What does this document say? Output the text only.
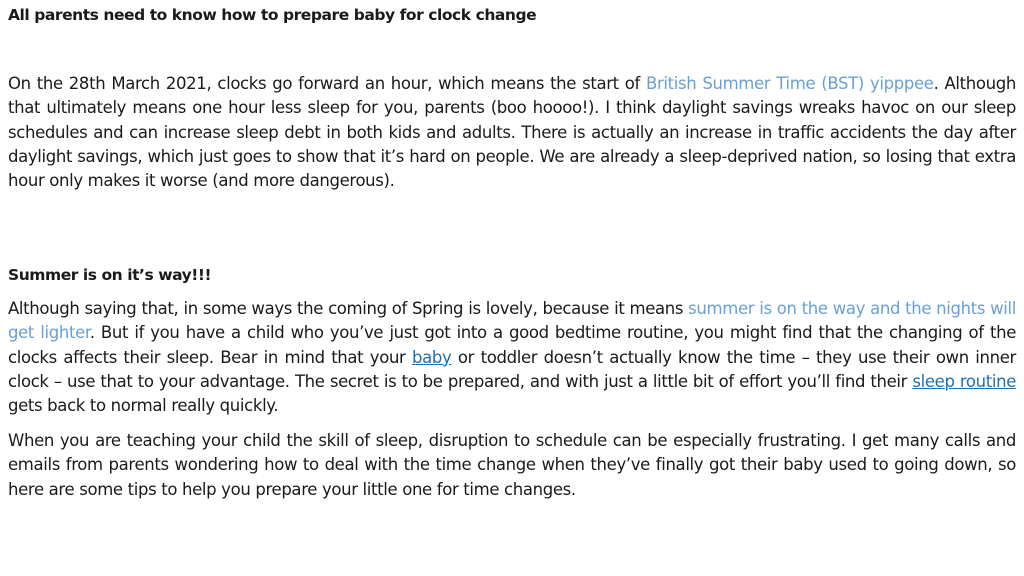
All parents need to know how to prepare baby for clock change

On the 28th March 2021, clocks go forward an hour, which means the start of British Summer Time (BST) yipppee. Although that ultimately means one hour less sleep for you, parents (boo hoooo!). I think daylight savings wreaks havoc on our sleep schedules and can increase sleep debt in both kids and adults. There is actually an increase in traffic accidents the day after daylight savings, which just goes to show that it’s hard on people. We are already a sleep-deprived nation, so losing that extra hour only makes it worse (and more dangerous).

Summer is on it’s way!!!

Although saying that, in some ways the coming of Spring is lovely, because it means summer is on the way and the nights will get lighter. But if you have a child who you’ve just got into a good bedtime routine, you might find that the changing of the clocks affects their sleep. Bear in mind that your baby or toddler doesn’t actually know the time – they use their own inner clock – use that to your advantage. The secret is to be prepared, and with just a little bit of effort you’ll find their sleep routine gets back to normal really quickly.

When you are teaching your child the skill of sleep, disruption to schedule can be especially frustrating. I get many calls and emails from parents wondering how to deal with the time change when they’ve finally got their baby used to going down, so here are some tips to help you prepare your little one for time changes.
